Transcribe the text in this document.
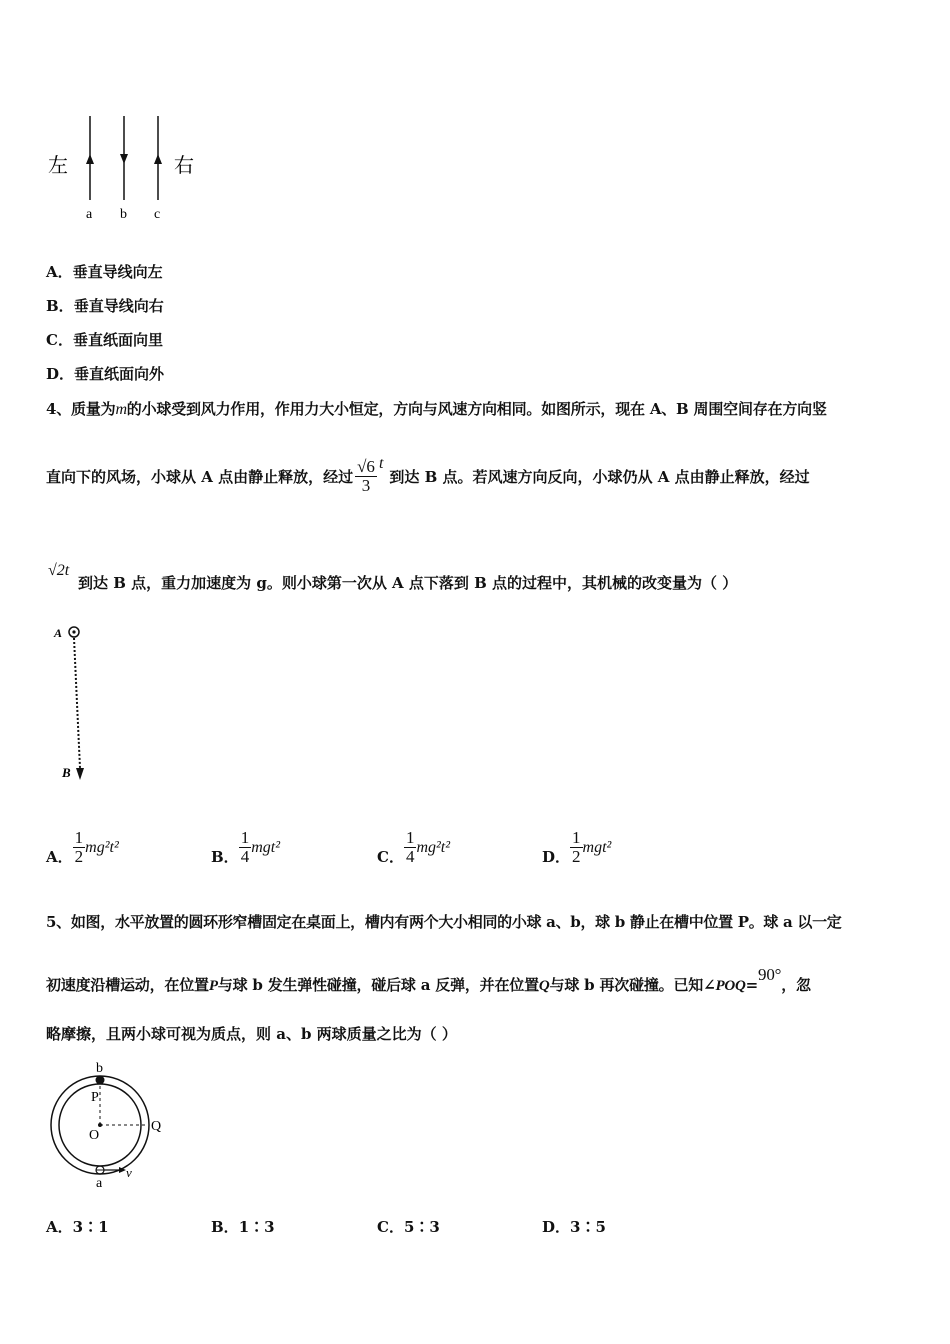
左	右
a b c
A．垂直导线向左
B．垂直导线向右
C．垂直纸面向里
D．垂直纸面向外
4、质量为m的小球受到风力作用，作用力大小恒定，方向与风速方向相同。如图所示，现在 A、B 周围空间存在方向竖
直向下的风场，小球从 A 点由静止释放，经过 $\frac{√6}{3}$ t
到达 B 点。若风速方向反向，小球仍从 A 点由静止释放，经过
√2t
到达 B 点，重力加速度为 g。则小球第一次从 A 点下落到 B 点的过程中，其机械的改变量为（ ）
A
B
A． $\frac{1}{2} mg^2t^2$
B． $\frac{1}{4} mgt^2$
C． $\frac{1}{4} mg^2t^2$
D． $\frac{1}{2} mgt^2$
5、如图，水平放置的圆环形窄槽固定在桌面上，槽内有两个大小相同的小球 a、b，球 b 静止在槽中位置 P。球 a 以一定
初速度沿槽运动，在位置P与球 b 发生弹性碰撞，碰后球 a 反弹，并在位置Q与球 b 再次碰撞。已知∠POQ=90°，忽
略摩擦，且两小球可视为质点，则 a、b 两球质量之比为（ ）
b
P
O
Q
a
v
A．3∶1	B．1∶3	C．5∶3	D．3∶5
